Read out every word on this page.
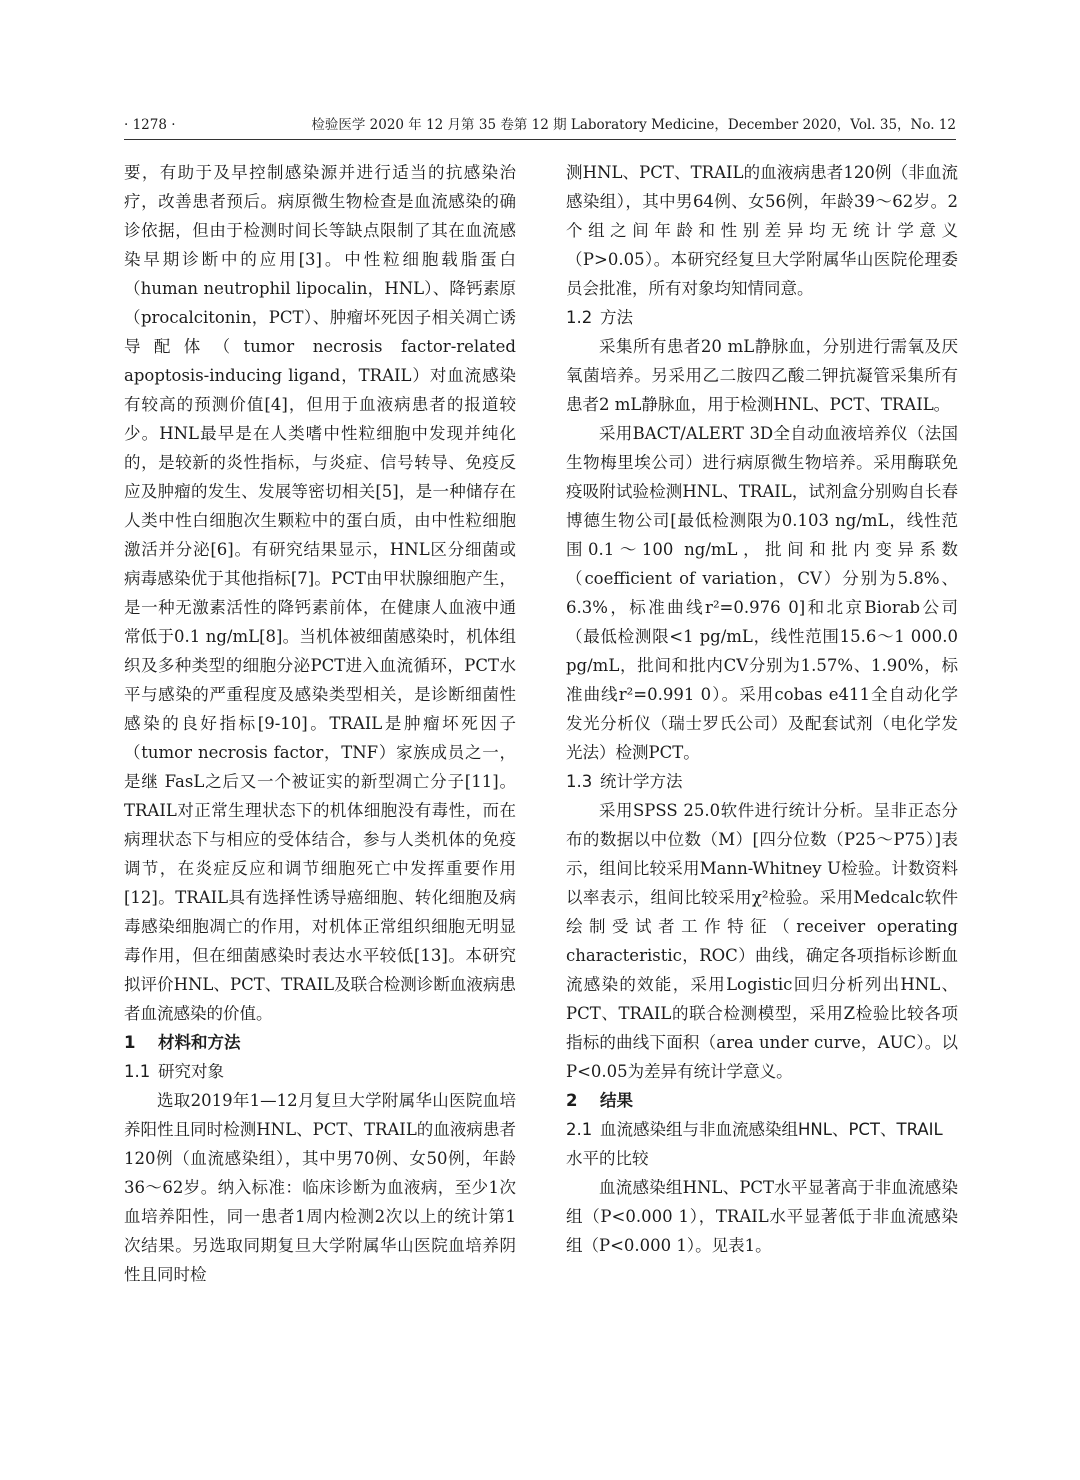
· 1278 ·	检验医学 2020 年 12 月第 35 卷第 12 期 Laboratory Medicine，December 2020，Vol. 35，No. 12

要，有助于及早控制感染源并进行适当的抗感染治疗，改善患者预后。病原微生物检查是血流感染的确诊依据，但由于检测时间长等缺点限制了其在血流感染早期诊断中的应用[3]。中性粒细胞载脂蛋白（human neutrophil lipocalin，HNL）、降钙素原（procalcitonin，PCT）、肿瘤坏死因子相关凋亡诱导配体（tumor necrosis factor-related apoptosis-inducing ligand，TRAIL）对血流感染有较高的预测价值[4]，但用于血液病患者的报道较少。HNL最早是在人类嗜中性粒细胞中发现并纯化的，是较新的炎性指标，与炎症、信号转导、免疫反应及肿瘤的发生、发展等密切相关[5]，是一种储存在人类中性白细胞次生颗粒中的蛋白质，由中性粒细胞激活并分泌[6]。有研究结果显示，HNL区分细菌或病毒感染优于其他指标[7]。PCT由甲状腺细胞产生，是一种无激素活性的降钙素前体，在健康人血液中通常低于0.1 ng/mL[8]。当机体被细菌感染时，机体组织及多种类型的细胞分泌PCT进入血流循环，PCT水平与感染的严重程度及感染类型相关，是诊断细菌性感染的良好指标[9-10]。TRAIL是肿瘤坏死因子（tumor necrosis factor，TNF）家族成员之一，是继 FasL之后又一个被证实的新型凋亡分子[11]。TRAIL对正常生理状态下的机体细胞没有毒性，而在病理状态下与相应的受体结合，参与人类机体的免疫调节，在炎症反应和调节细胞死亡中发挥重要作用[12]。TRAIL具有选择性诱导癌细胞、转化细胞及病毒感染细胞凋亡的作用，对机体正常组织细胞无明显毒作用，但在细菌感染时表达水平较低[13]。本研究拟评价HNL、PCT、TRAIL及联合检测诊断血液病患者血流感染的价值。

1 材料和方法
1.1 研究对象

选取2019年1—12月复旦大学附属华山医院血培养阳性且同时检测HNL、PCT、TRAIL的血液病患者120例（血流感染组），其中男70例、女50例，年龄36～62岁。纳入标准：临床诊断为血液病，至少1次血培养阳性，同一患者1周内检测2次以上的统计第1次结果。另选取同期复旦大学附属华山医院血培养阴性且同时检

测HNL、PCT、TRAIL的血液病患者120例（非血流感染组），其中男64例、女56例，年龄39～62岁。2个组之间年龄和性别差异均无统计学意义（P>0.05）。本研究经复旦大学附属华山医院伦理委员会批准，所有对象均知情同意。

1.2 方法

采集所有患者20 mL静脉血，分别进行需氧及厌氧菌培养。另采用乙二胺四乙酸二钾抗凝管采集所有患者2 mL静脉血，用于检测HNL、PCT、TRAIL。

采用BACT/ALERT 3D全自动血液培养仪（法国生物梅里埃公司）进行病原微生物培养。采用酶联免疫吸附试验检测HNL、TRAIL，试剂盒分别购自长春博德生物公司[最低检测限为0.103 ng/mL，线性范围0.1～100 ng/mL，批间和批内变异系数（coefficient of variation，CV）分别为5.8%、6.3%，标准曲线r²=0.976 0]和北京Biorab公司（最低检测限<1 pg/mL，线性范围15.6～1 000.0 pg/mL，批间和批内CV分别为1.57%、1.90%，标准曲线r²=0.991 0）。采用cobas e411全自动化学发光分析仪（瑞士罗氏公司）及配套试剂（电化学发光法）检测PCT。

1.3 统计学方法

采用SPSS 25.0软件进行统计分析。呈非正态分布的数据以中位数（M）[四分位数（P25～P75）]表示，组间比较采用Mann-Whitney U检验。计数资料以率表示，组间比较采用χ²检验。采用Medcalc软件绘制受试者工作特征（receiver operating characteristic，ROC）曲线，确定各项指标诊断血流感染的效能，采用Logistic回归分析列出HNL、PCT、TRAIL的联合检测模型，采用Z检验比较各项指标的曲线下面积（area under curve，AUC）。以P<0.05为差异有统计学意义。

2 结果
2.1 血流感染组与非血流感染组HNL、PCT、TRAIL水平的比较

血流感染组HNL、PCT水平显著高于非血流感染组（P<0.000 1），TRAIL水平显著低于非血流感染组（P<0.000 1）。见表1。
